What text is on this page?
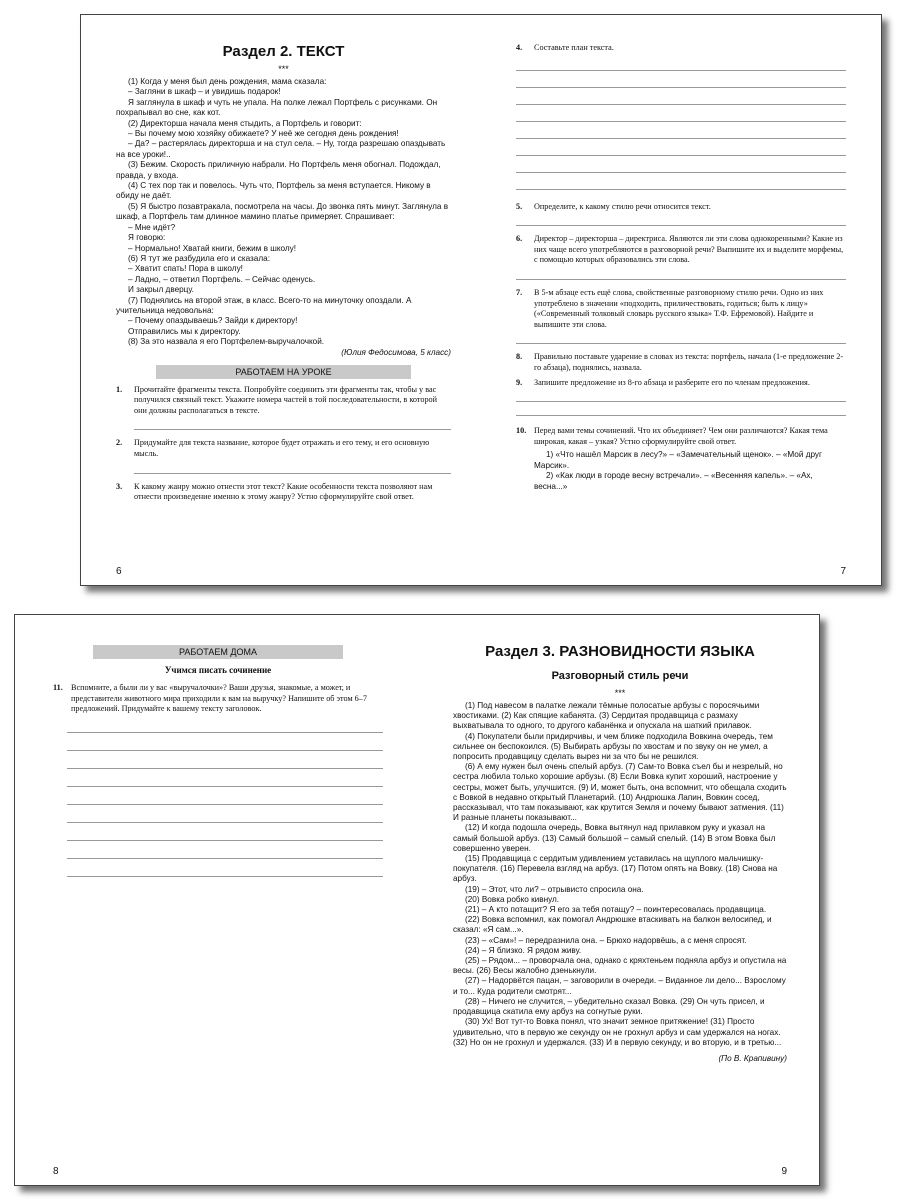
Раздел 2. ТЕКСТ
***

(1) Когда у меня был день рождения, мама сказала:

– Загляни в шкаф – и увидишь подарок!

Я заглянула в шкаф и чуть не упала. На полке лежал Портфель с рисунками. Он похрапывал во сне, как кот.

(2) Директорша начала меня стыдить, а Портфель и говорит:

– Вы почему мою хозяйку обижаете? У неё же сегодня день рождения!

– Да? – растерялась директорша и на стул села. – Ну, тогда разрешаю опаздывать на все уроки!..

(3) Бежим. Скорость приличную набрали. Но Портфель меня обогнал. Подождал, правда, у входа.

(4) С тех пор так и повелось. Чуть что, Портфель за меня вступается. Никому в обиду не даёт.

(5) Я быстро позавтракала, посмотрела на часы. До звонка пять минут. Заглянула в шкаф, а Портфель там длинное мамино платье примеряет. Спрашивает:

– Мне идёт?

Я говорю:

– Нормально! Хватай книги, бежим в школу!

(6) Я тут же разбудила его и сказала:

– Хватит спать! Пора в школу!

– Ладно, – ответил Портфель. – Сейчас оденусь.

И закрыл дверцу.

(7) Поднялись на второй этаж, в класс. Всего-то на минуточку опоздали. А учительница недовольна:

– Почему опаздываешь? Зайди к директору!

Отправились мы к директору.

(8) За это назвала я его Портфелем-выручалочкой.

(Юлия Федосимова, 5 класс)
РАБОТАЕМ НА УРОКЕ
1.	Прочитайте фрагменты текста. Попробуйте соединить эти фрагменты так, чтобы у вас получился связный текст. Укажите номера частей в той последовательности, в которой они должны располагаться в тексте.
2.	Придумайте для текста название, которое будет отражать и его тему, и его основную мысль.
3.	К какому жанру можно отнести этот текст? Какие особенности текста позволяют нам отнести произведение именно к этому жанру? Устно сформулируйте свой ответ.
6
4.	Составьте план текста.
5.	Определите, к какому стилю речи относится текст.
6.	Директор – директорша – директриса. Являются ли эти слова однокоренными? Какие из них чаще всего употребляются в разговорной речи? Выпишите их и выделите морфемы, с помощью которых образовались эти слова.
7.	В 5-м абзаце есть ещё слова, свойственные разговорному стилю речи. Одно из них употреблено в значении «подходить, приличествовать, годиться; быть к лицу» («Современный толковый словарь русского языка» Т.Ф. Ефремовой). Найдите и выпишите эти слова.
8.	Правильно поставьте ударение в словах из текста: портфель, начала (1-е предложение 2-го абзаца), поднялись, назвала.
9.	Запишите предложение из 8-го абзаца и разберите его по членам предложения.
10. Перед вами темы сочинений. Что их объединяет? Чем они различаются? Какая тема широкая, какая – узкая? Устно сформулируйте свой ответ.

1) «Что нашёл Марсик в лесу?» – «Замечательный щенок». – «Мой друг Марсик».

2) «Как люди в городе весну встречали». – «Весенняя капель». – «Ах, весна...»

7
РАБОТАЕМ ДОМА
Учимся писать сочинение
11. Вспомните, а были ли у вас «выручалочки»? Ваши друзья, знакомые, а может, и представители животного мира приходили к вам на выручку? Напишите об этом 6–7 предложений. Придумайте к вашему тексту заголовок.
8
Раздел 3. РАЗНОВИДНОСТИ ЯЗЫКА
Разговорный стиль речи
***

(1) Под навесом в палатке лежали тёмные полосатые арбузы с поросячьими хвостиками. (2) Как спящие кабанята. (3) Сердитая продавщица с размаху выхватывала то одного, то другого кабанёнка и опускала на шаткий прилавок.

(4) Покупатели были придирчивы, и чем ближе подходила Вовкина очередь, тем сильнее он беспокоился. (5) Выбирать арбузы по хвостам и по звуку он не умел, а попросить продавщицу сделать вырез ни за что бы не решился.

(6) А ему нужен был очень спелый арбуз. (7) Сам-то Вовка съел бы и незрелый, но сестра любила только хорошие арбузы. (8) Если Вовка купит хороший, настроение у сестры, может быть, улучшится. (9) И, может быть, она вспомнит, что обещала сходить с Вовкой в недавно открытый Планетарий. (10) Андрюшка Лапин, Вовкин сосед, рассказывал, что там показывают, как крутится Земля и почему бывают затмения. (11) И разные планеты показывают...

(12) И когда подошла очередь, Вовка вытянул над прилавком руку и указал на самый большой арбуз. (13) Самый большой – самый спелый. (14) В этом Вовка был совершенно уверен.

(15) Продавщица с сердитым удивлением уставилась на щуплого мальчишку-покупателя. (16) Перевела взгляд на арбуз. (17) Потом опять на Вовку. (18) Снова на арбуз.

(19) – Этот, что ли? – отрывисто спросила она.

(20) Вовка робко кивнул.

(21) – А кто потащит? Я его за тебя потащу? – поинтересовалась продавщица.

(22) Вовка вспомнил, как помогал Андрюшке втаскивать на балкон велосипед, и сказал: «Я сам...».

(23) – «Сам»! – передразнила она. – Брюхо надорвёшь, а с меня спросят.

(24) – Я близко. Я рядом живу.

(25) – Рядом... – проворчала она, однако с кряхтеньем подняла арбуз и опустила на весы. (26) Весы жалобно дзенькнули.

(27) – Надорвётся пацан, – заговорили в очереди. – Виданное ли дело... Взрослому и то... Куда родители смотрят...

(28) – Ничего не случится, – убедительно сказал Вовка. (29) Он чуть присел, и продавщица скатила ему арбуз на согнутые руки.

(30) Ух! Вот тут-то Вовка понял, что значит земное притяжение! (31) Просто удивительно, что в первую же секунду он не грохнул арбуз и сам удержался на ногах. (32) Но он не грохнул и удержался. (33) И в первую секунду, и во вторую, и в третью...

(По В. Крапивину)
9
